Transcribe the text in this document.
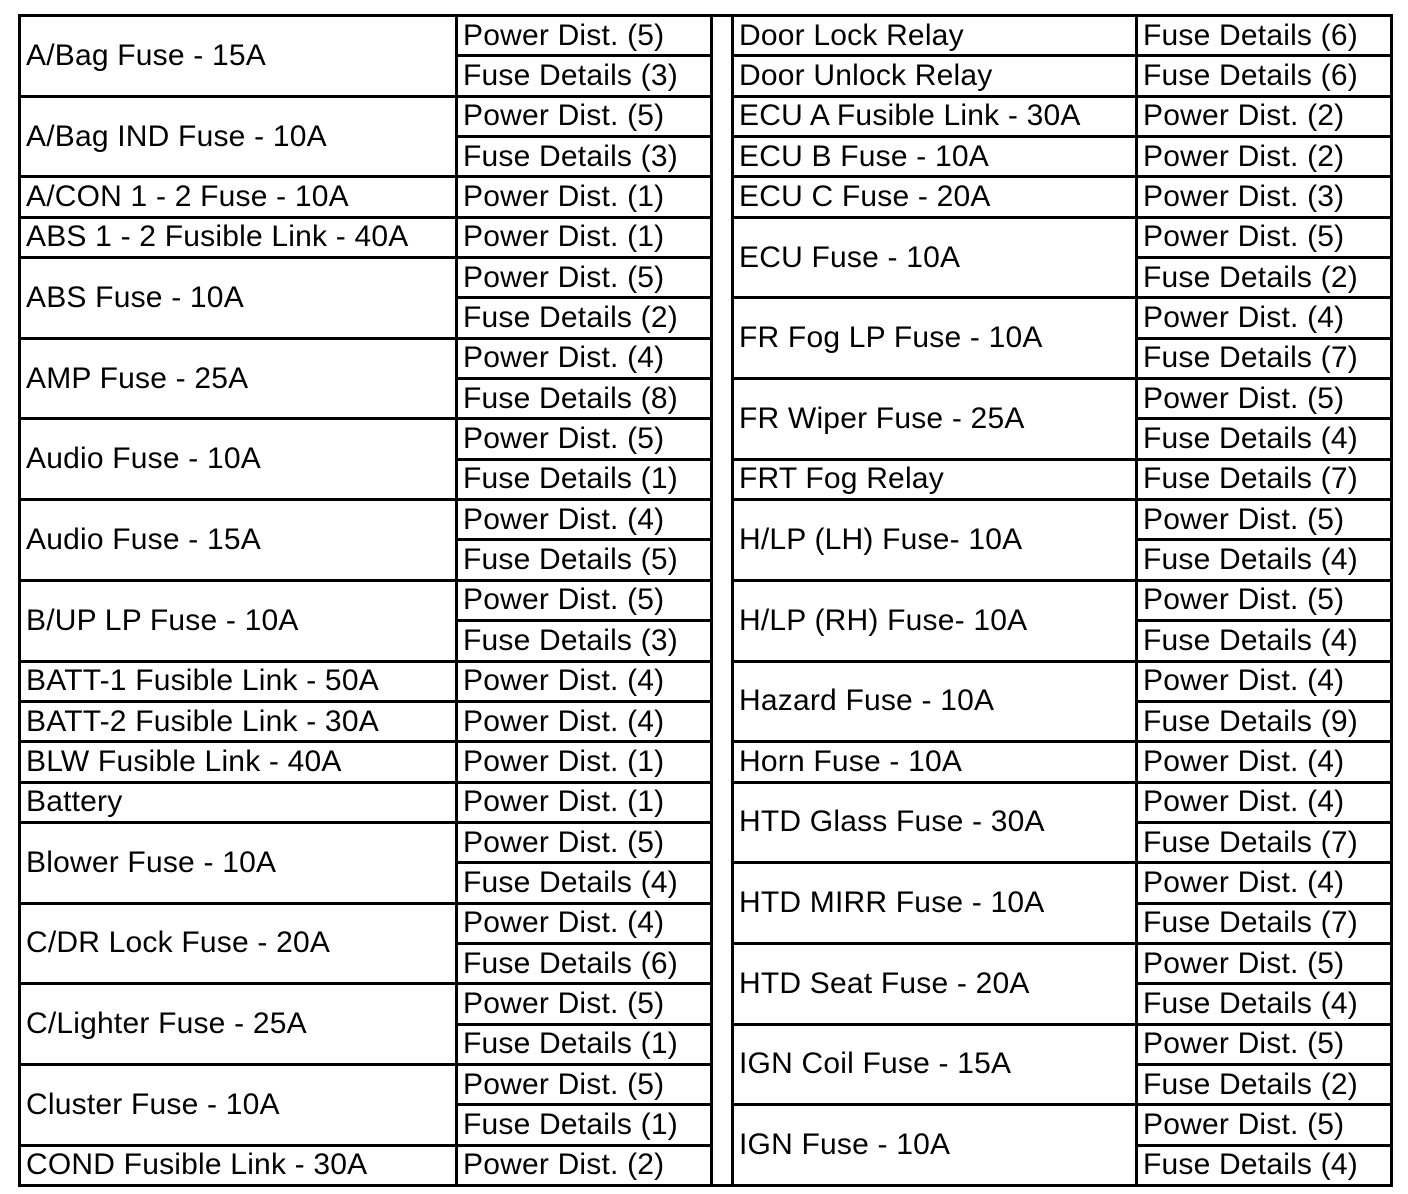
A/Bag Fuse - 15A	Power Dist. (5)
	Fuse Details (3)
A/Bag IND Fuse - 10A	Power Dist. (5)
	Fuse Details (3)
A/CON 1 - 2 Fuse - 10A	Power Dist. (1)
ABS 1 - 2 Fusible Link - 40A	Power Dist. (1)
ABS Fuse - 10A	Power Dist. (5)
	Fuse Details (2)
AMP Fuse - 25A	Power Dist. (4)
	Fuse Details (8)
Audio Fuse - 10A	Power Dist. (5)
	Fuse Details (1)
Audio Fuse - 15A	Power Dist. (4)
	Fuse Details (5)
B/UP LP Fuse - 10A	Power Dist. (5)
	Fuse Details (3)
BATT-1 Fusible Link - 50A	Power Dist. (4)
BATT-2 Fusible Link - 30A	Power Dist. (4)
BLW Fusible Link - 40A	Power Dist. (1)
Battery	Power Dist. (1)
Blower Fuse - 10A	Power Dist. (5)
	Fuse Details (4)
C/DR Lock Fuse - 20A	Power Dist. (4)
	Fuse Details (6)
C/Lighter Fuse - 25A	Power Dist. (5)
	Fuse Details (1)
Cluster Fuse - 10A	Power Dist. (5)
	Fuse Details (1)
COND Fusible Link - 30A	Power Dist. (2)
Door Lock Relay	Fuse Details (6)
Door Unlock Relay	Fuse Details (6)
ECU A Fusible Link - 30A	Power Dist. (2)
ECU B Fuse - 10A	Power Dist. (2)
ECU C Fuse - 20A	Power Dist. (3)
ECU Fuse - 10A	Power Dist. (5)
	Fuse Details (2)
FR Fog LP Fuse - 10A	Power Dist. (4)
	Fuse Details (7)
FR Wiper Fuse - 25A	Power Dist. (5)
	Fuse Details (4)
FRT Fog Relay	Fuse Details (7)
H/LP (LH) Fuse- 10A	Power Dist. (5)
	Fuse Details (4)
H/LP (RH) Fuse- 10A	Power Dist. (5)
	Fuse Details (4)
Hazard Fuse - 10A	Power Dist. (4)
	Fuse Details (9)
Horn Fuse - 10A	Power Dist. (4)
HTD Glass Fuse - 30A	Power Dist. (4)
	Fuse Details (7)
HTD MIRR Fuse - 10A	Power Dist. (4)
	Fuse Details (7)
HTD Seat Fuse - 20A	Power Dist. (5)
	Fuse Details (4)
IGN Coil Fuse - 15A	Power Dist. (5)
	Fuse Details (2)
IGN Fuse - 10A	Power Dist. (5)
	Fuse Details (4)
